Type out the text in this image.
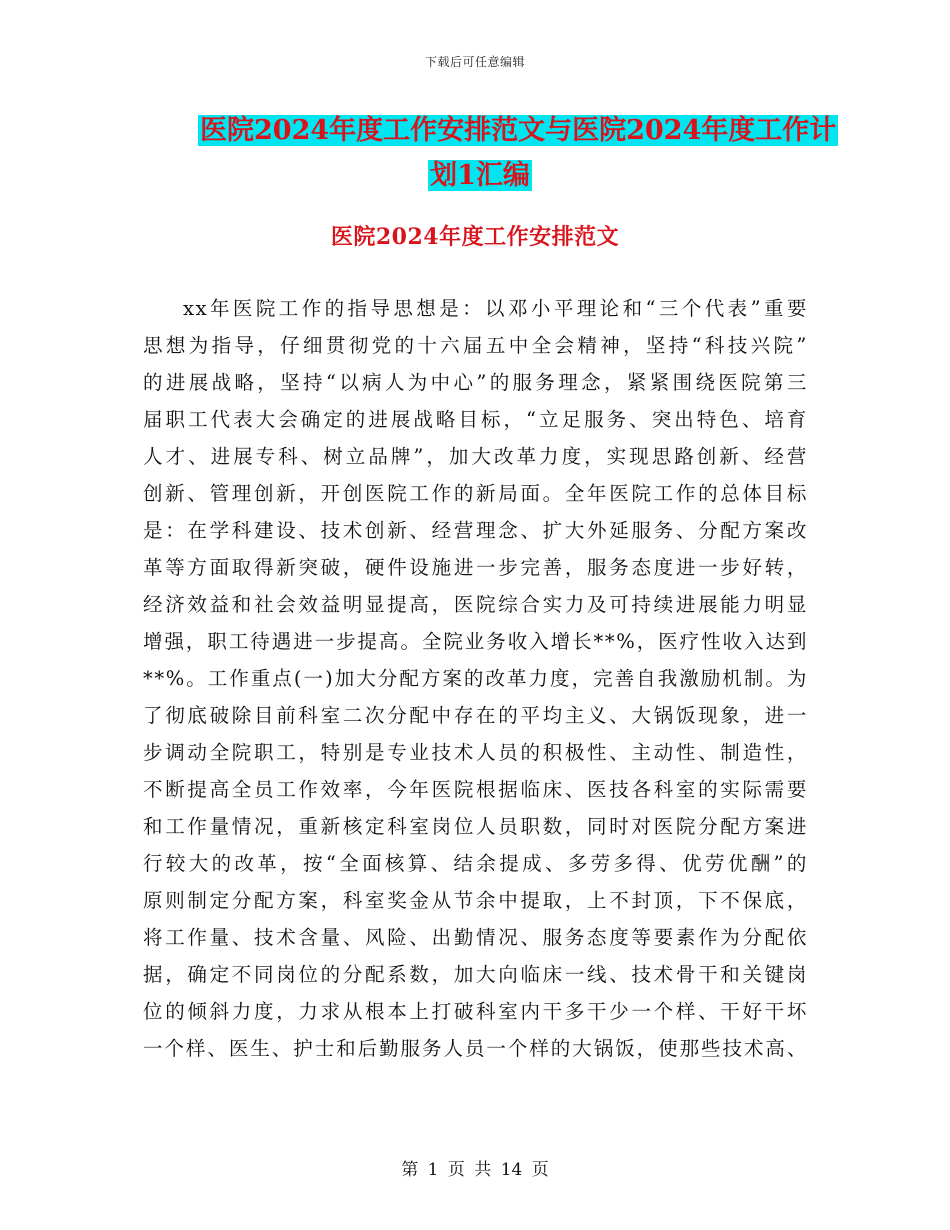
下载后可任意编辑
医院2024年度工作安排范文与医院2024年度工作计
划1汇编
医院2024年度工作安排范文
xx年医院工作的指导思想是：以邓小平理论和“三个代表”重要
思想为指导，仔细贯彻党的十六届五中全会精神，坚持“科技兴院”
的进展战略，坚持“以病人为中心”的服务理念，紧紧围绕医院第三
届职工代表大会确定的进展战略目标，“立足服务、突出特色、培育
人才、进展专科、树立品牌”，加大改革力度，实现思路创新、经营
创新、管理创新，开创医院工作的新局面。全年医院工作的总体目标
是：在学科建设、技术创新、经营理念、扩大外延服务、分配方案改
革等方面取得新突破，硬件设施进一步完善，服务态度进一步好转，
经济效益和社会效益明显提高，医院综合实力及可持续进展能力明显
增强，职工待遇进一步提高。全院业务收入增长**%，医疗性收入达到
**%。工作重点(一)加大分配方案的改革力度，完善自我激励机制。为
了彻底破除目前科室二次分配中存在的平均主义、大锅饭现象，进一
步调动全院职工，特别是专业技术人员的积极性、主动性、制造性，
不断提高全员工作效率，今年医院根据临床、医技各科室的实际需要
和工作量情况，重新核定科室岗位人员职数，同时对医院分配方案进
行较大的改革，按“全面核算、结余提成、多劳多得、优劳优酬”的
原则制定分配方案，科室奖金从节余中提取，上不封顶，下不保底，
将工作量、技术含量、风险、出勤情况、服务态度等要素作为分配依
据，确定不同岗位的分配系数，加大向临床一线、技术骨干和关键岗
位的倾斜力度，力求从根本上打破科室内干多干少一个样、干好干坏
一个样、医生、护士和后勤服务人员一个样的大锅饭，使那些技术高、
第 1 页 共 14 页
